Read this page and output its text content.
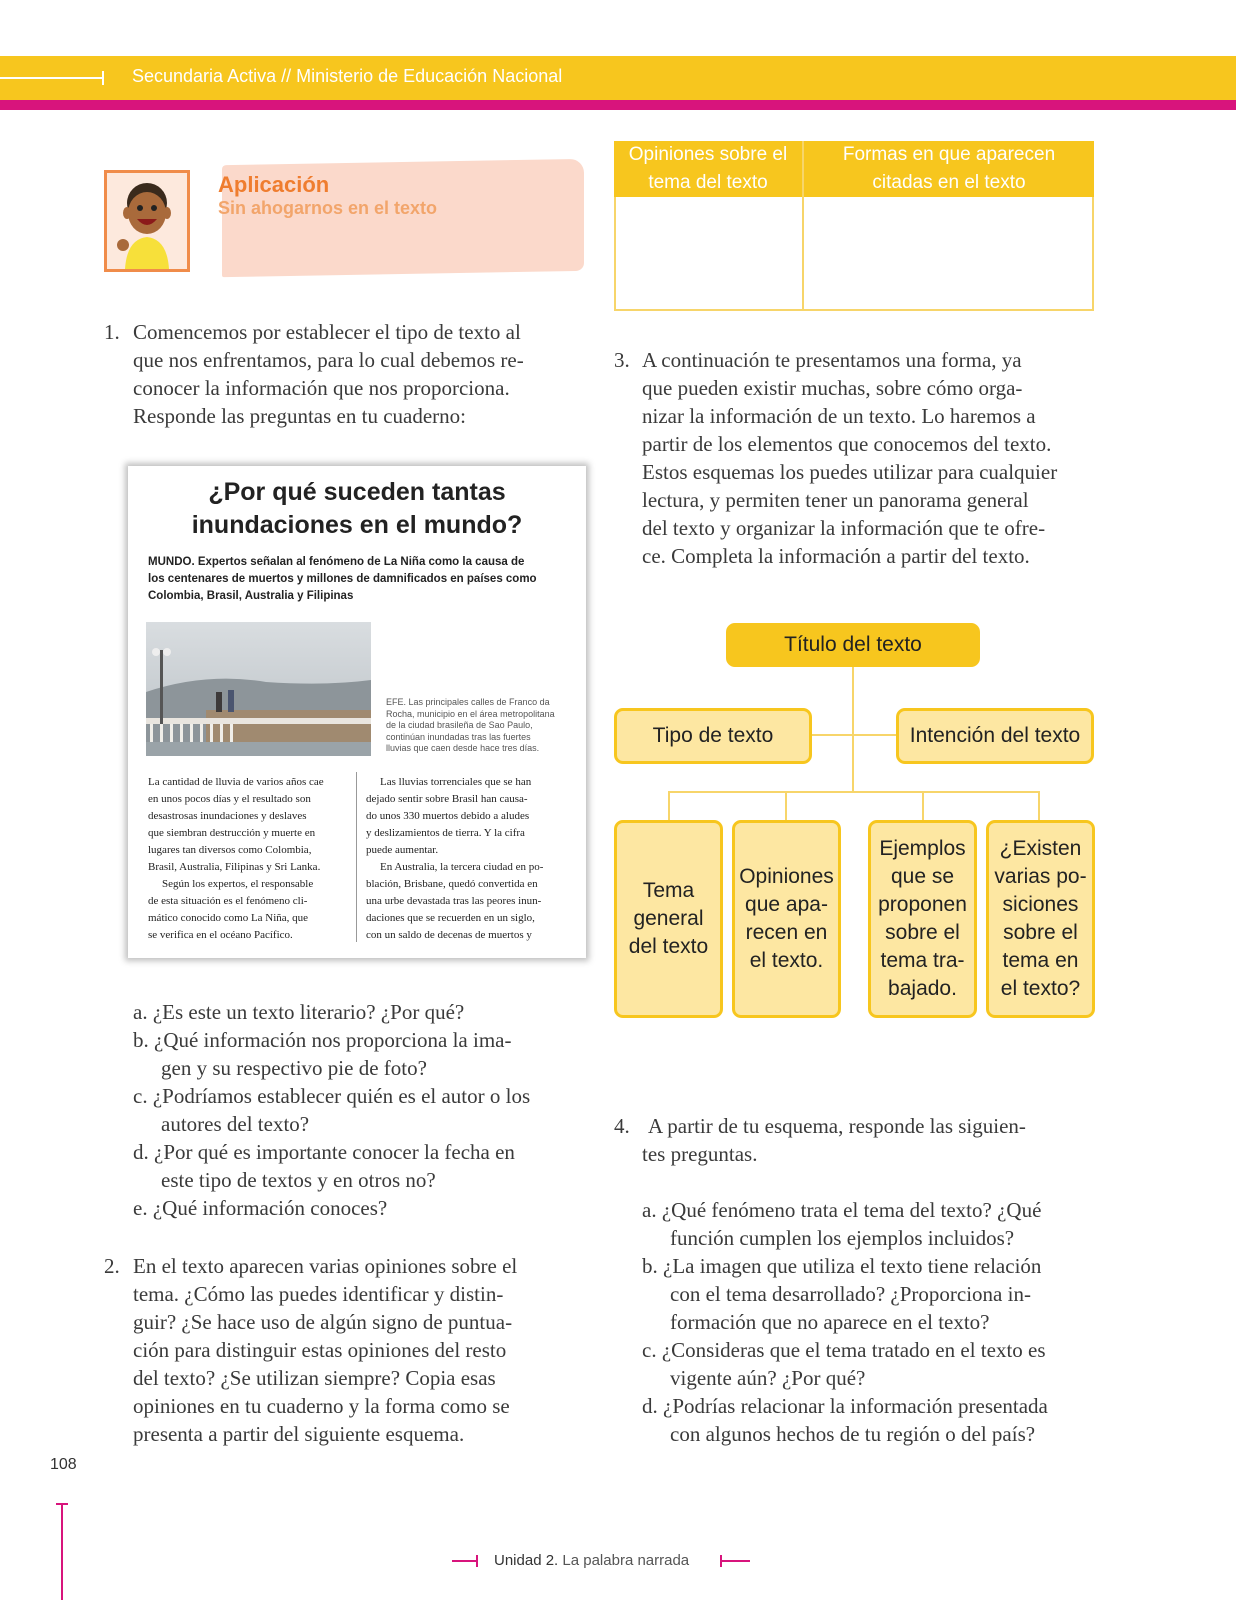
Secundaria Activa // Ministerio de Educación Nacional
Aplicación
Sin ahogarnos en el texto
Opiniones sobre el
tema del texto
Formas en que aparecen
citadas en el texto
1. Comencemos por establecer el tipo de texto al
que nos enfrentamos, para lo cual debemos re-
conocer la información que nos proporciona.
Responde las preguntas en tu cuaderno:
¿Por qué suceden tantas
inundaciones en el mundo?
MUNDO. Expertos señalan al fenómeno de La Niña como la causa de
los centenares de muertos y millones de damnificados en países como
Colombia, Brasil, Australia y Filipinas
EFE. Las principales calles de Franco da
Rocha, municipio en el área metropolitana
de la ciudad brasileña de Sao Paulo,
continúan inundadas tras las fuertes
lluvias que caen desde hace tres días.
La cantidad de lluvia de varios años cae
en unos pocos días y el resultado son
desastrosas inundaciones y deslaves
que siembran destrucción y muerte en
lugares tan diversos como Colombia,
Brasil, Australia, Filipinas y Sri Lanka.
Según los expertos, el responsable
de esta situación es el fenómeno cli-
mático conocido como La Niña, que
se verifica en el océano Pacífico.
Las lluvias torrenciales que se han
dejado sentir sobre Brasil han causa-
do unos 330 muertos debido a aludes
y deslizamientos de tierra. Y la cifra
puede aumentar.
En Australia, la tercera ciudad en po-
blación, Brisbane, quedó convertida en
una urbe devastada tras las peores inun-
daciones que se recuerden en un siglo,
con un saldo de decenas de muertos y
a. ¿Es este un texto literario? ¿Por qué?
b. ¿Qué información nos proporciona la ima-
gen y su respectivo pie de foto?
c. ¿Podríamos establecer quién es el autor o los
autores del texto?
d. ¿Por qué es importante conocer la fecha en
este tipo de textos y en otros no?
e. ¿Qué información conoces?
2. En el texto aparecen varias opiniones sobre el
tema. ¿Cómo las puedes identificar y distin-
guir? ¿Se hace uso de algún signo de puntua-
ción para distinguir estas opiniones del resto
del texto? ¿Se utilizan siempre? Copia esas
opiniones en tu cuaderno y la forma como se
presenta a partir del siguiente esquema.
3. A continuación te presentamos una forma, ya
que pueden existir muchas, sobre cómo orga-
nizar la información de un texto. Lo haremos a
partir de los elementos que conocemos del texto.
Estos esquemas los puedes utilizar para cualquier
lectura, y permiten tener un panorama general
del texto y organizar la información que te ofre-
ce. Completa la información a partir del texto.
Título del texto
Tipo de texto	Intención del texto
Tema
general
del texto
Opiniones
que apa-
recen en
el texto.
Ejemplos
que se
proponen
sobre el
tema tra-
bajado.
¿Existen
varias po-
siciones
sobre el
tema en
el texto?
4. A partir de tu esquema, responde las siguien-
tes preguntas.
a. ¿Qué fenómeno trata el tema del texto? ¿Qué
función cumplen los ejemplos incluidos?
b. ¿La imagen que utiliza el texto tiene relación
con el tema desarrollado? ¿Proporciona in-
formación que no aparece en el texto?
c. ¿Consideras que el tema tratado en el texto es
vigente aún? ¿Por qué?
d. ¿Podrías relacionar la información presentada
con algunos hechos de tu región o del país?
108
Unidad 2. La palabra narrada
